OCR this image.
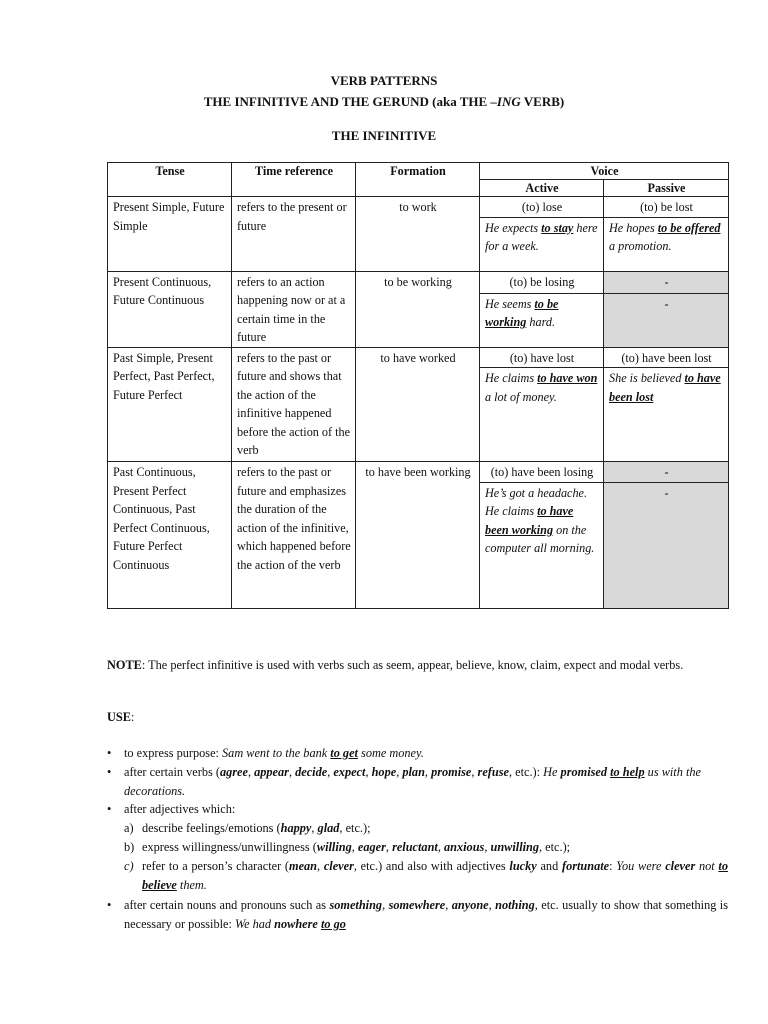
VERB PATTERNS
THE INFINITIVE AND THE GERUND (aka THE –ING VERB)
THE INFINITIVE
Tense	Time reference	Formation	Voice	
			Active	Passive
Present Simple, Future Simple	refers to the present or future	to work	(to) lose	(to) be lost
			He expects to stay here for a week.	He hopes to be offered a promotion.
Present Continuous, Future Continuous	refers to an action happening now or at a certain time in the future	to be working	(to) be losing	-
			He seems to be working hard.	-
Past Simple, Present Perfect, Past Perfect, Future Perfect	refers to the past or future and shows that the action of the infinitive happened before the action of the verb	to have worked	(to) have lost	(to) have been lost
			He claims to have won a lot of money.	She is believed to have been lost
Past Continuous, Present Perfect Continuous, Past Perfect Continuous, Future Perfect Continuous	refers to the past or future and emphasizes the duration of the action of the infinitive, which happened before the action of the verb	to have been working	(to) have been losing	-
			He’s got a headache. He claims to have been working on the computer all morning.	-
NOTE: The perfect infinitive is used with verbs such as seem, appear, believe, know, claim, expect and modal verbs.
USE:
• to express purpose: Sam went to the bank to get some money.
• after certain verbs (agree, appear, decide, expect, hope, plan, promise, refuse, etc.): He promised to help us with the decorations.
• after adjectives which:
a) describe feelings/emotions (happy, glad, etc.);
b) express willingness/unwillingness (willing, eager, reluctant, anxious, unwilling, etc.);
c) refer to a person’s character (mean, clever, etc.) and also with adjectives lucky and fortunate: You were clever not to believe them.
• after certain nouns and pronouns such as something, somewhere, anyone, nothing, etc. usually to show that something is necessary or possible: We had nowhere to go
